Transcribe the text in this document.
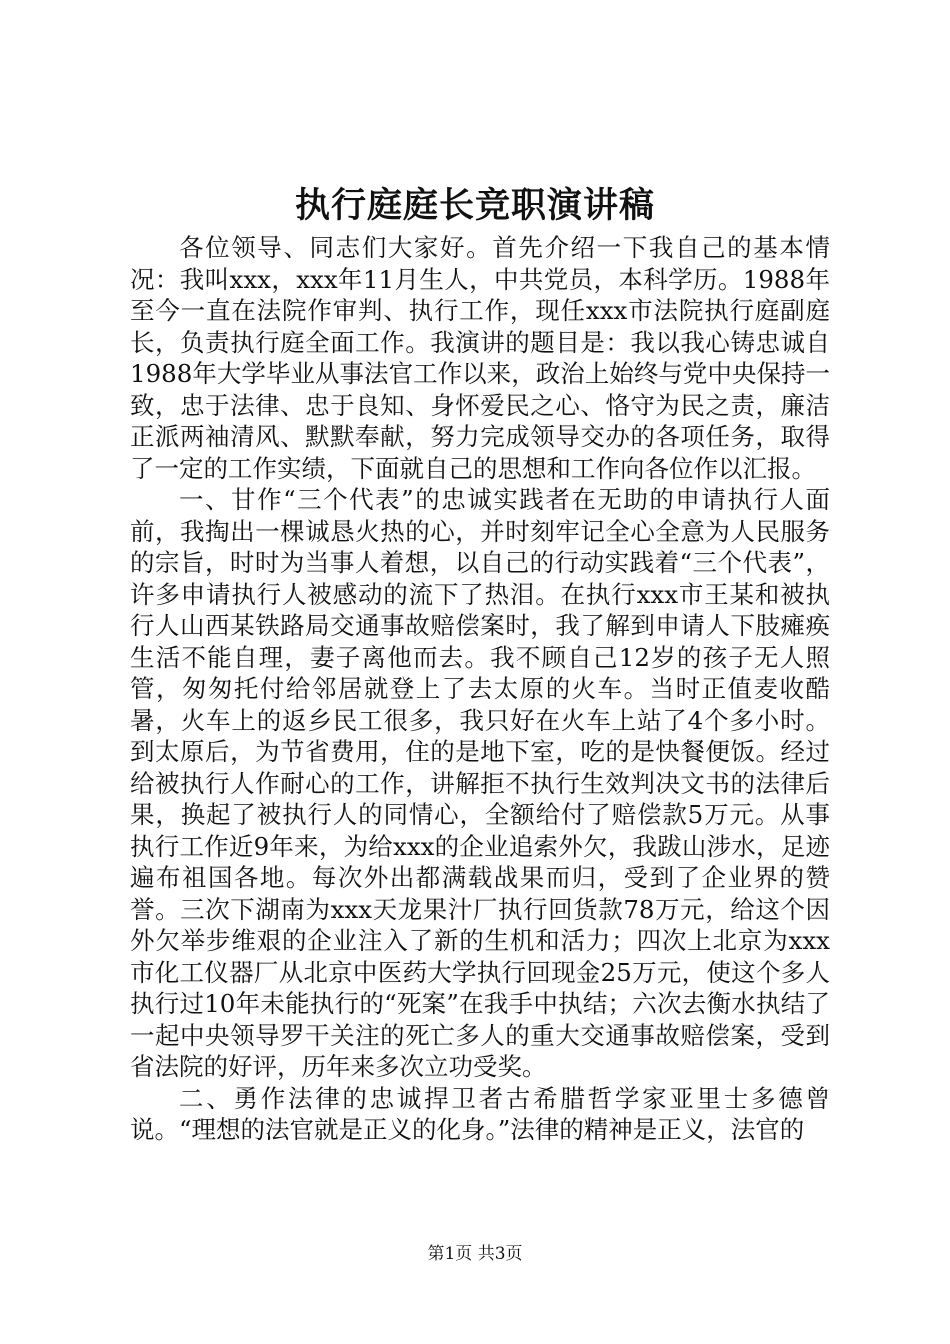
执行庭庭长竞职演讲稿

各位领导、同志们大家好。首先介绍一下我自己的基本情况：我叫xxx，xxx年11月生人，中共党员，本科学历。1988年至今一直在法院作审判、执行工作，现任xxx市法院执行庭副庭长，负责执行庭全面工作。我演讲的题目是：我以我心铸忠诚自1988年大学毕业从事法官工作以来，政治上始终与党中央保持一致，忠于法律、忠于良知、身怀爱民之心、恪守为民之责，廉洁正派两袖清风、默默奉献，努力完成领导交办的各项任务，取得了一定的工作实绩，下面就自己的思想和工作向各位作以汇报。

一、甘作“三个代表”的忠诚实践者在无助的申请执行人面前，我掏出一棵诚恳火热的心，并时刻牢记全心全意为人民服务的宗旨，时时为当事人着想，以自己的行动实践着“三个代表”，许多申请执行人被感动的流下了热泪。在执行xxx市王某和被执行人山西某铁路局交通事故赔偿案时，我了解到申请人下肢瘫痪生活不能自理，妻子离他而去。我不顾自己12岁的孩子无人照管，匆匆托付给邻居就登上了去太原的火车。当时正值麦收酷暑，火车上的返乡民工很多，我只好在火车上站了4个多小时。到太原后，为节省费用，住的是地下室，吃的是快餐便饭。经过给被执行人作耐心的工作，讲解拒不执行生效判决文书的法律后果，换起了被执行人的同情心，全额给付了赔偿款5万元。从事执行工作近9年来，为给xxx的企业追索外欠，我跋山涉水，足迹遍布祖国各地。每次外出都满载战果而归，受到了企业界的赞誉。三次下湖南为xxx天龙果汁厂执行回货款78万元，给这个因外欠举步维艰的企业注入了新的生机和活力；四次上北京为xxx市化工仪器厂从北京中医药大学执行回现金25万元，使这个多人执行过10年未能执行的“死案”在我手中执结；六次去衡水执结了一起中央领导罗干关注的死亡多人的重大交通事故赔偿案，受到省法院的好评，历年来多次立功受奖。

二、勇作法律的忠诚捍卫者古希腊哲学家亚里士多德曾说。“理想的法官就是正义的化身。”法律的精神是正义，法官的

第1页 共3页
